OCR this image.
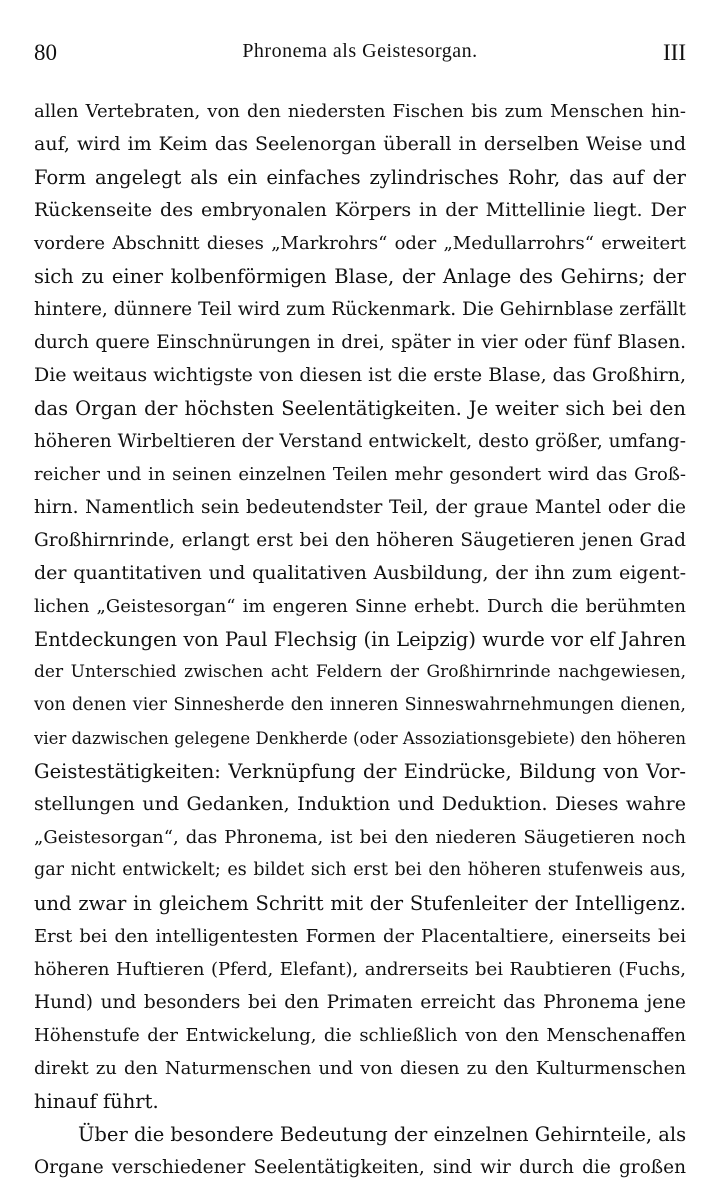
80	Phronema als Geistesorgan.	III
allen Vertebraten, von den niedersten Fischen bis zum Menschen hin-
auf, wird im Keim das Seelenorgan überall in derselben Weise und
Form angelegt als ein einfaches zylindrisches Rohr, das auf der
Rückenseite des embryonalen Körpers in der Mittellinie liegt. Der
vordere Abschnitt dieses „Markrohrs“ oder „Medullarrohrs“ erweitert
sich zu einer kolbenförmigen Blase, der Anlage des Gehirns; der
hintere, dünnere Teil wird zum Rückenmark. Die Gehirnblase zerfällt
durch quere Einschnürungen in drei, später in vier oder fünf Blasen.
Die weitaus wichtigste von diesen ist die erste Blase, das Großhirn,
das Organ der höchsten Seelentätigkeiten. Je weiter sich bei den
höheren Wirbeltieren der Verstand entwickelt, desto größer, umfang-
reicher und in seinen einzelnen Teilen mehr gesondert wird das Groß-
hirn. Namentlich sein bedeutendster Teil, der graue Mantel oder die
Großhirnrinde, erlangt erst bei den höheren Säugetieren jenen Grad
der quantitativen und qualitativen Ausbildung, der ihn zum eigent-
lichen „Geistesorgan“ im engeren Sinne erhebt. Durch die berühmten
Entdeckungen von Paul Flechsig (in Leipzig) wurde vor elf Jahren
der Unterschied zwischen acht Feldern der Großhirnrinde nachgewiesen,
von denen vier Sinnesherde den inneren Sinneswahrnehmungen dienen,
vier dazwischen gelegene Denkherde (oder Assoziationsgebiete) den höheren
Geistestätigkeiten: Verknüpfung der Eindrücke, Bildung von Vor-
stellungen und Gedanken, Induktion und Deduktion. Dieses wahre
„Geistesorgan“, das Phronema, ist bei den niederen Säugetieren noch
gar nicht entwickelt; es bildet sich erst bei den höheren stufenweis aus,
und zwar in gleichem Schritt mit der Stufenleiter der Intelligenz.
Erst bei den intelligentesten Formen der Placentaltiere, einerseits bei
höheren Huftieren (Pferd, Elefant), andrerseits bei Raubtieren (Fuchs,
Hund) und besonders bei den Primaten erreicht das Phronema jene
Höhenstufe der Entwickelung, die schließlich von den Menschenaffen
direkt zu den Naturmenschen und von diesen zu den Kulturmenschen
hinauf führt.
Über die besondere Bedeutung der einzelnen Gehirnteile, als
Organe verschiedener Seelentätigkeiten, sind wir durch die großen
